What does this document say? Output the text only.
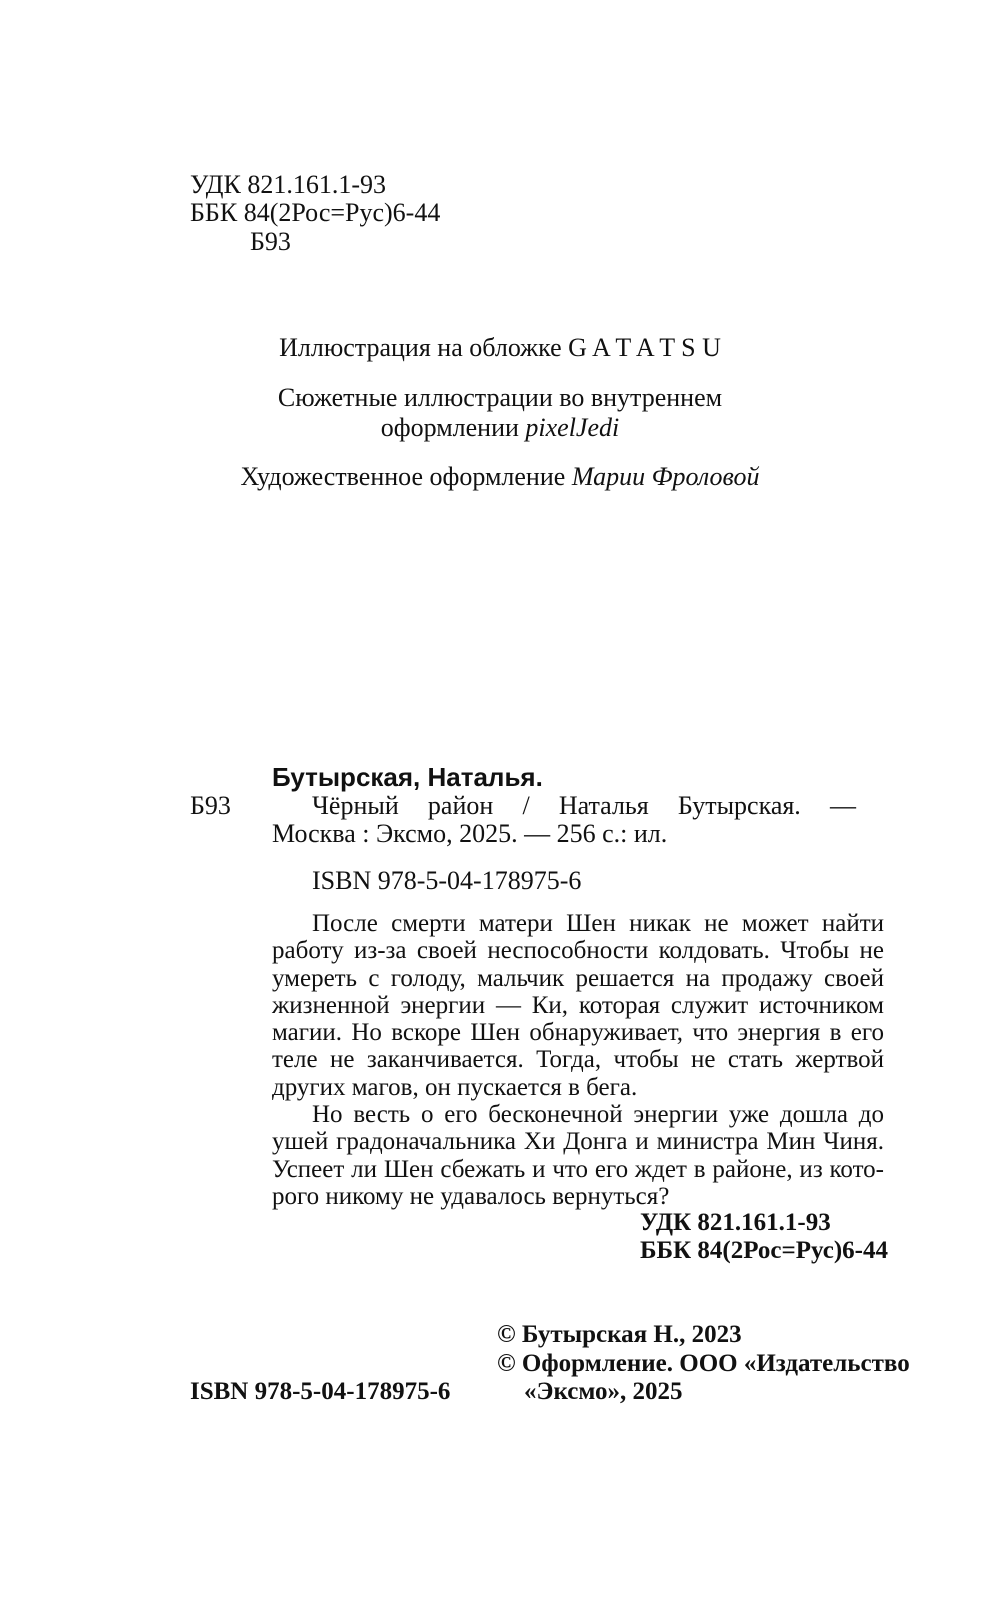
УДК 821.161.1-93
ББК 84(2Рос=Рус)6-44
Б93
Иллюстрация на обложке G A T A T S U
Сюжетные иллюстрации во внутреннем
оформлении pixelJedi
Художественное оформление Марии Фроловой
Бутырская, Наталья.
Б93	Чёрный район / Наталья Бутырская. —
Москва : Эксмо, 2025. — 256 с.: ил.
ISBN 978-5-04-178975-6
После смерти матери Шен никак не может найти
работу из-за своей неспособности колдовать. Чтобы не
умереть с голоду, мальчик решается на продажу своей
жизненной энергии — Ки, которая служит источником
магии. Но вскоре Шен обнаруживает, что энергия в его
теле не заканчивается. Тогда, чтобы не стать жертвой
других магов, он пускается в бега.
Но весть о его бесконечной энергии уже дошла до
ушей градоначальника Хи Донга и министра Мин Чиня.
Успеет ли Шен сбежать и что его ждет в районе, из кото-
рого никому не удавалось вернуться?
УДК 821.161.1-93
ББК 84(2Рос=Рус)6-44
© Бутырская Н., 2023
© Оформление. ООО «Издательство
«Эксмо», 2025
ISBN 978-5-04-178975-6
